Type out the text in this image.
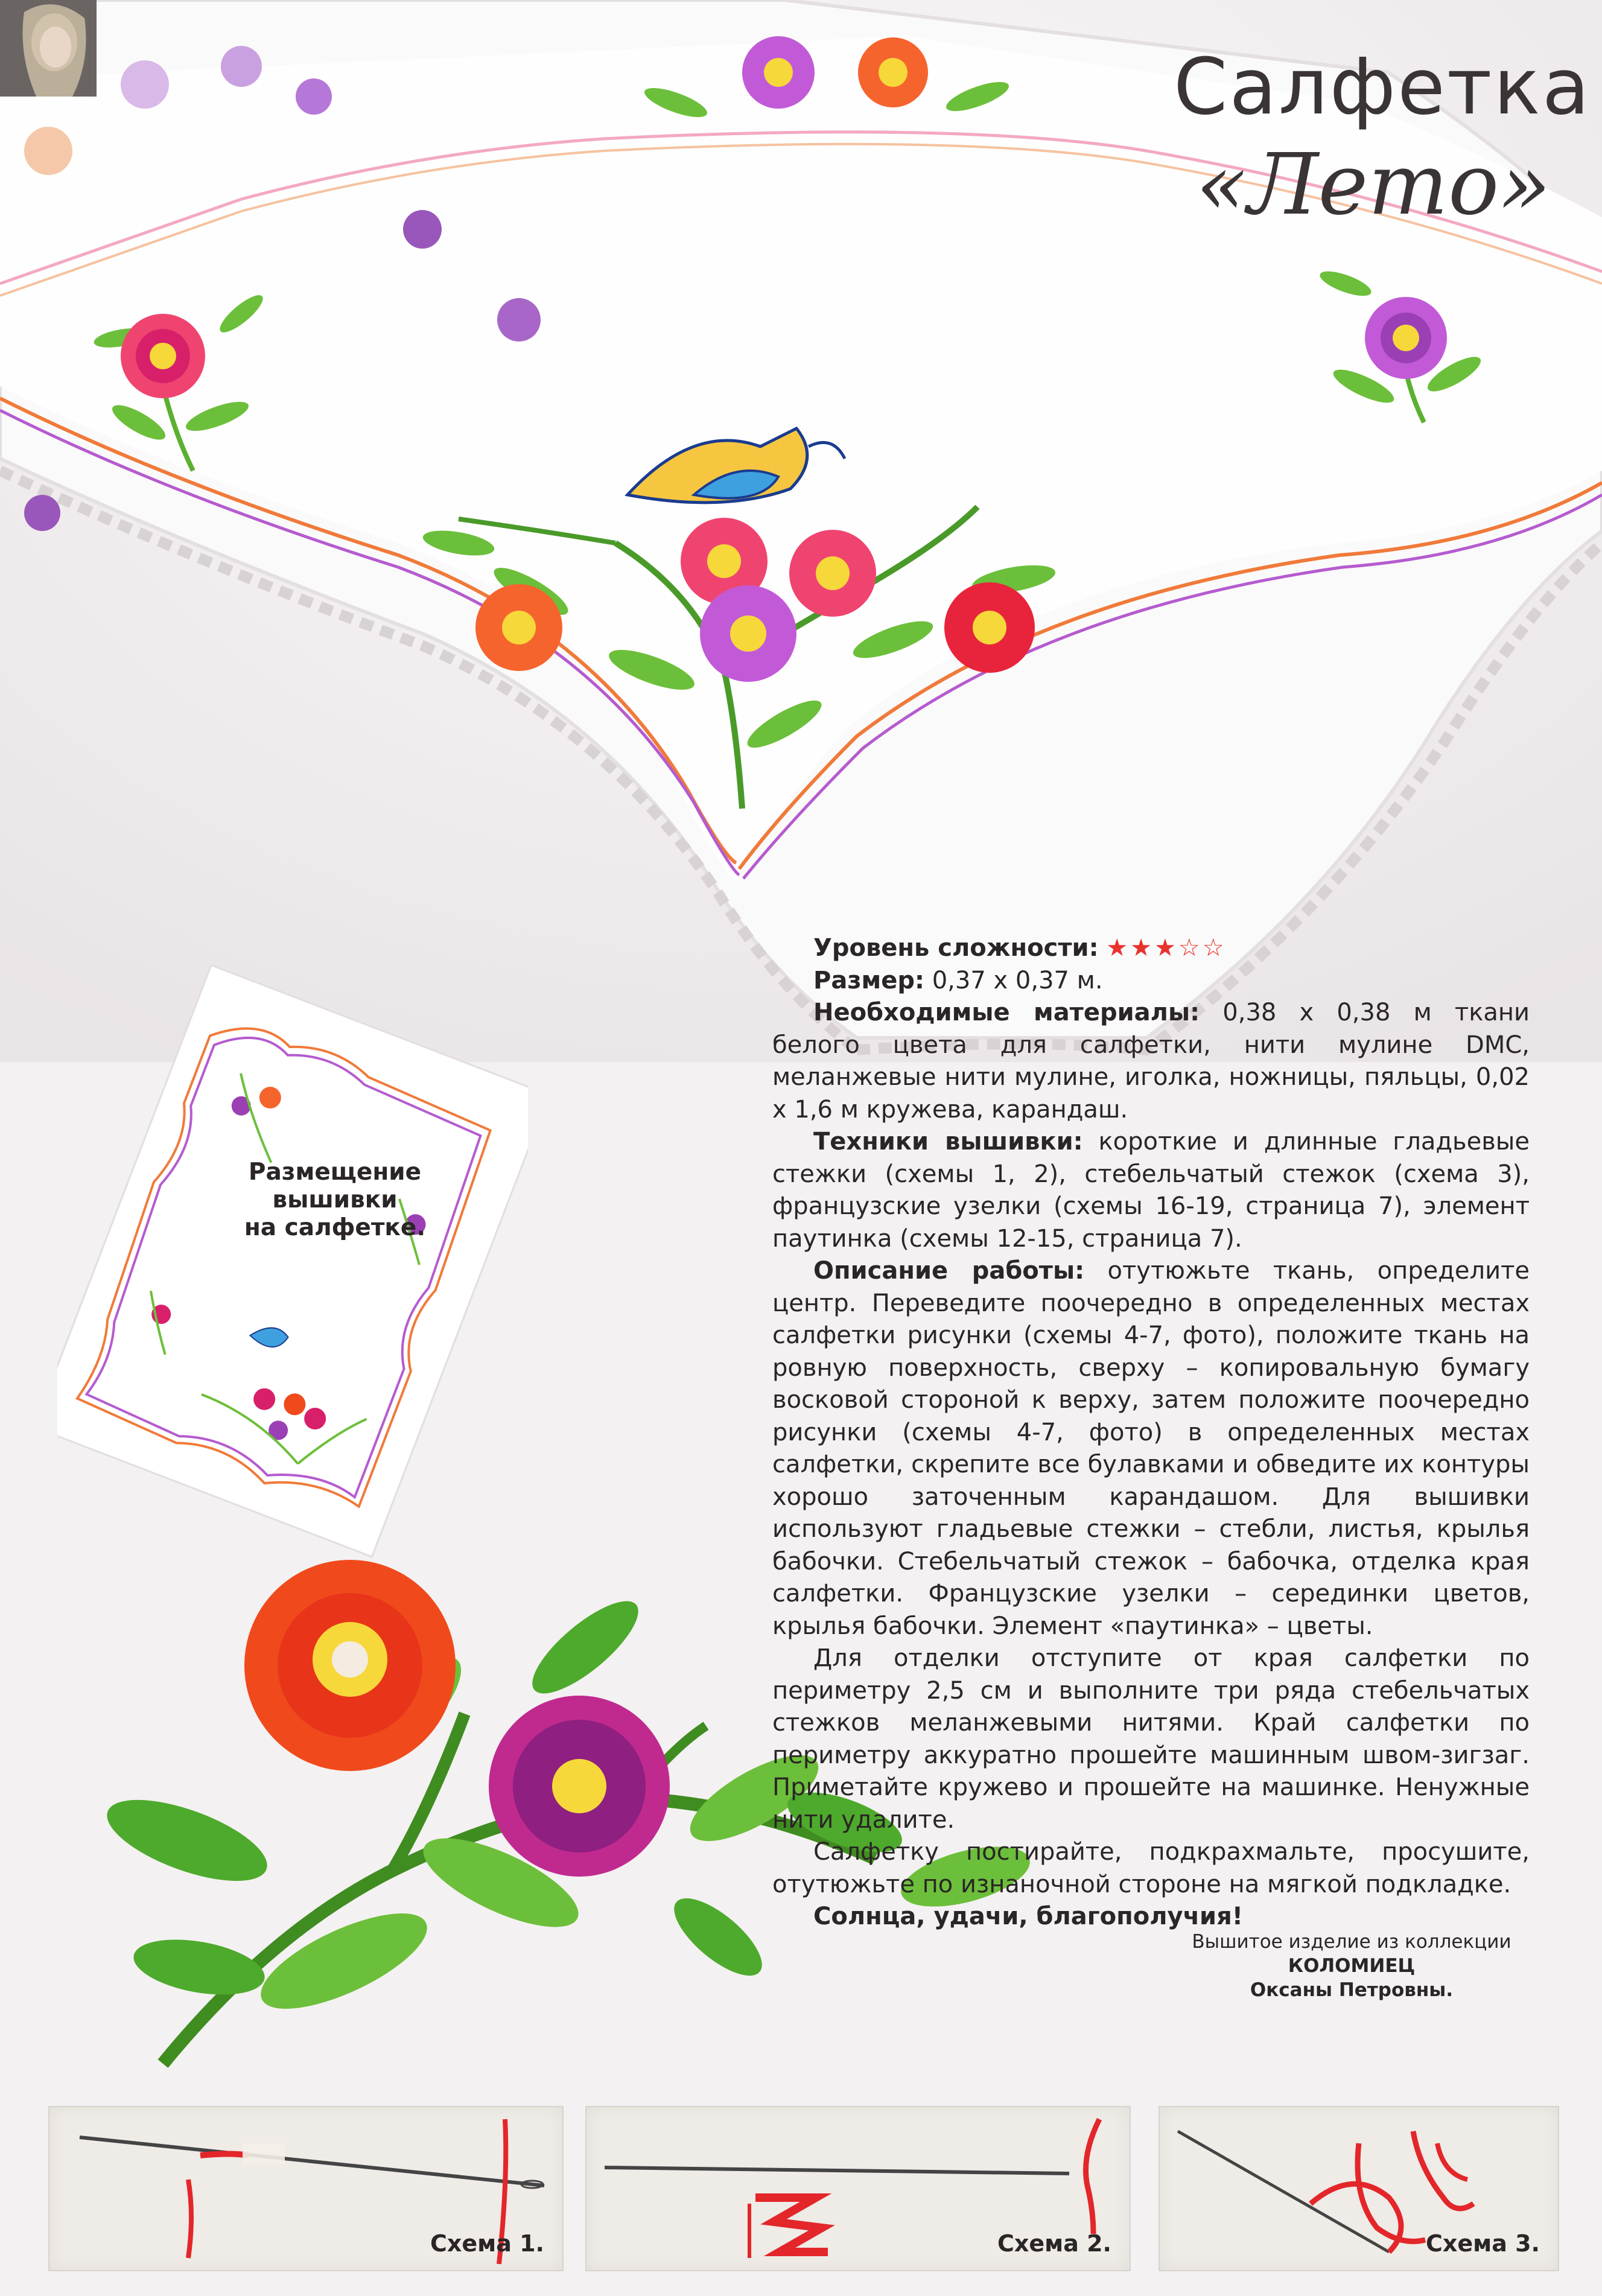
Салфетка
«Лето»
Размещение
вышивки
на салфетке.

Уровень сложности: ★★★☆☆

Размер: 0,37 х 0,37 м.

Необходимые материалы: 0,38 х 0,38 м ткани белого цвета для салфетки, нити мулине DMC, меланжевые нити мулине, иголка, ножницы, пяльцы, 0,02 х 1,6 м кружева, карандаш.

Техники вышивки: короткие и длинные гладьевые стежки (схемы 1, 2), стебельчатый стежок (схема 3), французские узелки (схемы 16-19, страница 7), элемент паутинка (схемы 12-15, страница 7).

Описание работы: отутюжьте ткань, определите центр. Переведите поочередно в определенных местах салфетки рисунки (схемы 4-7, фото), положите ткань на ровную поверхность, сверху – копировальную бумагу восковой стороной к верху, затем положите поочередно рисунки (схемы 4-7, фото) в определенных местах салфетки, скрепите все булавками и обведите их контуры хорошо заточенным карандашом. Для вышивки используют гладьевые стежки – стебли, листья, крылья бабочки. Стебельчатый стежок – бабочка, отделка края салфетки. Французские узелки – серединки цветов, крылья бабочки. Элемент «паутинка» – цветы.

Для отделки отступите от края салфетки по периметру 2,5 см и выполните три ряда стебельчатых стежков меланжевыми нитями. Край салфетки по периметру аккуратно прошейте машинным швом-зигзаг. Приметайте кружево и прошейте на машинке. Ненужные нити удалите.

Салфетку постирайте, подкрахмальте, просушите, отутюжьте по изнаночной стороне на мягкой подкладке.

Солнца, удачи, благополучия!

Вышитое изделие из коллекции
КОЛОМИЕЦ
Оксаны Петровны.
Схема 1.	Схема 2.	Схема 3.
